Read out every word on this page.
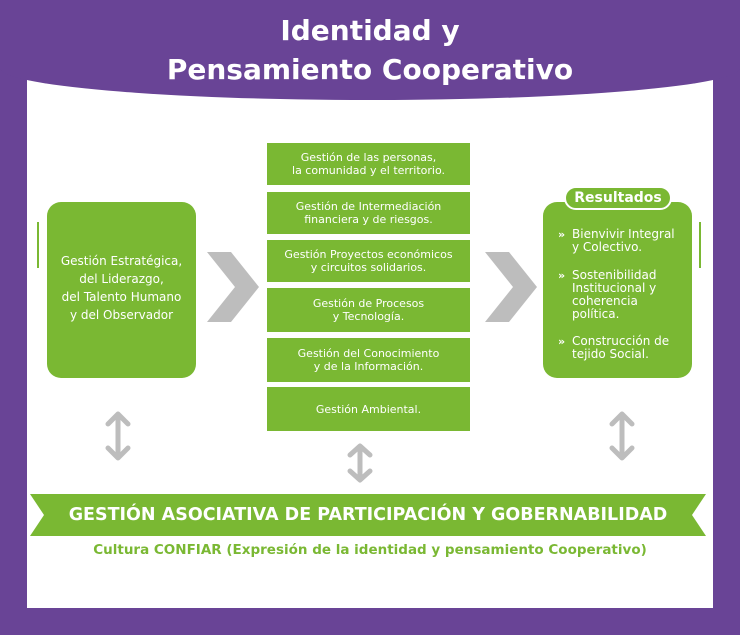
Identidad y
Pensamiento Cooperativo
Gestión Estratégica,
del Liderazgo,
del Talento Humano
y del Observador
Gestión de las personas,
la comunidad y el territorio.
Gestión de Intermediación
financiera y de riesgos.
Gestión Proyectos económicos
y circuitos solidarios.
Gestión de Procesos
y Tecnología.
Gestión del Conocimiento
y de la Información.
Gestión Ambiental.
Resultados
» Bienvivir Integral
y Colectivo.
» Sostenibilidad
Institucional y
coherencia
política.
» Construcción de
tejido Social.
GESTIÓN ASOCIATIVA DE PARTICIPACIÓN Y GOBERNABILIDAD
Cultura CONFIAR (Expresión de la identidad y pensamiento Cooperativo)
